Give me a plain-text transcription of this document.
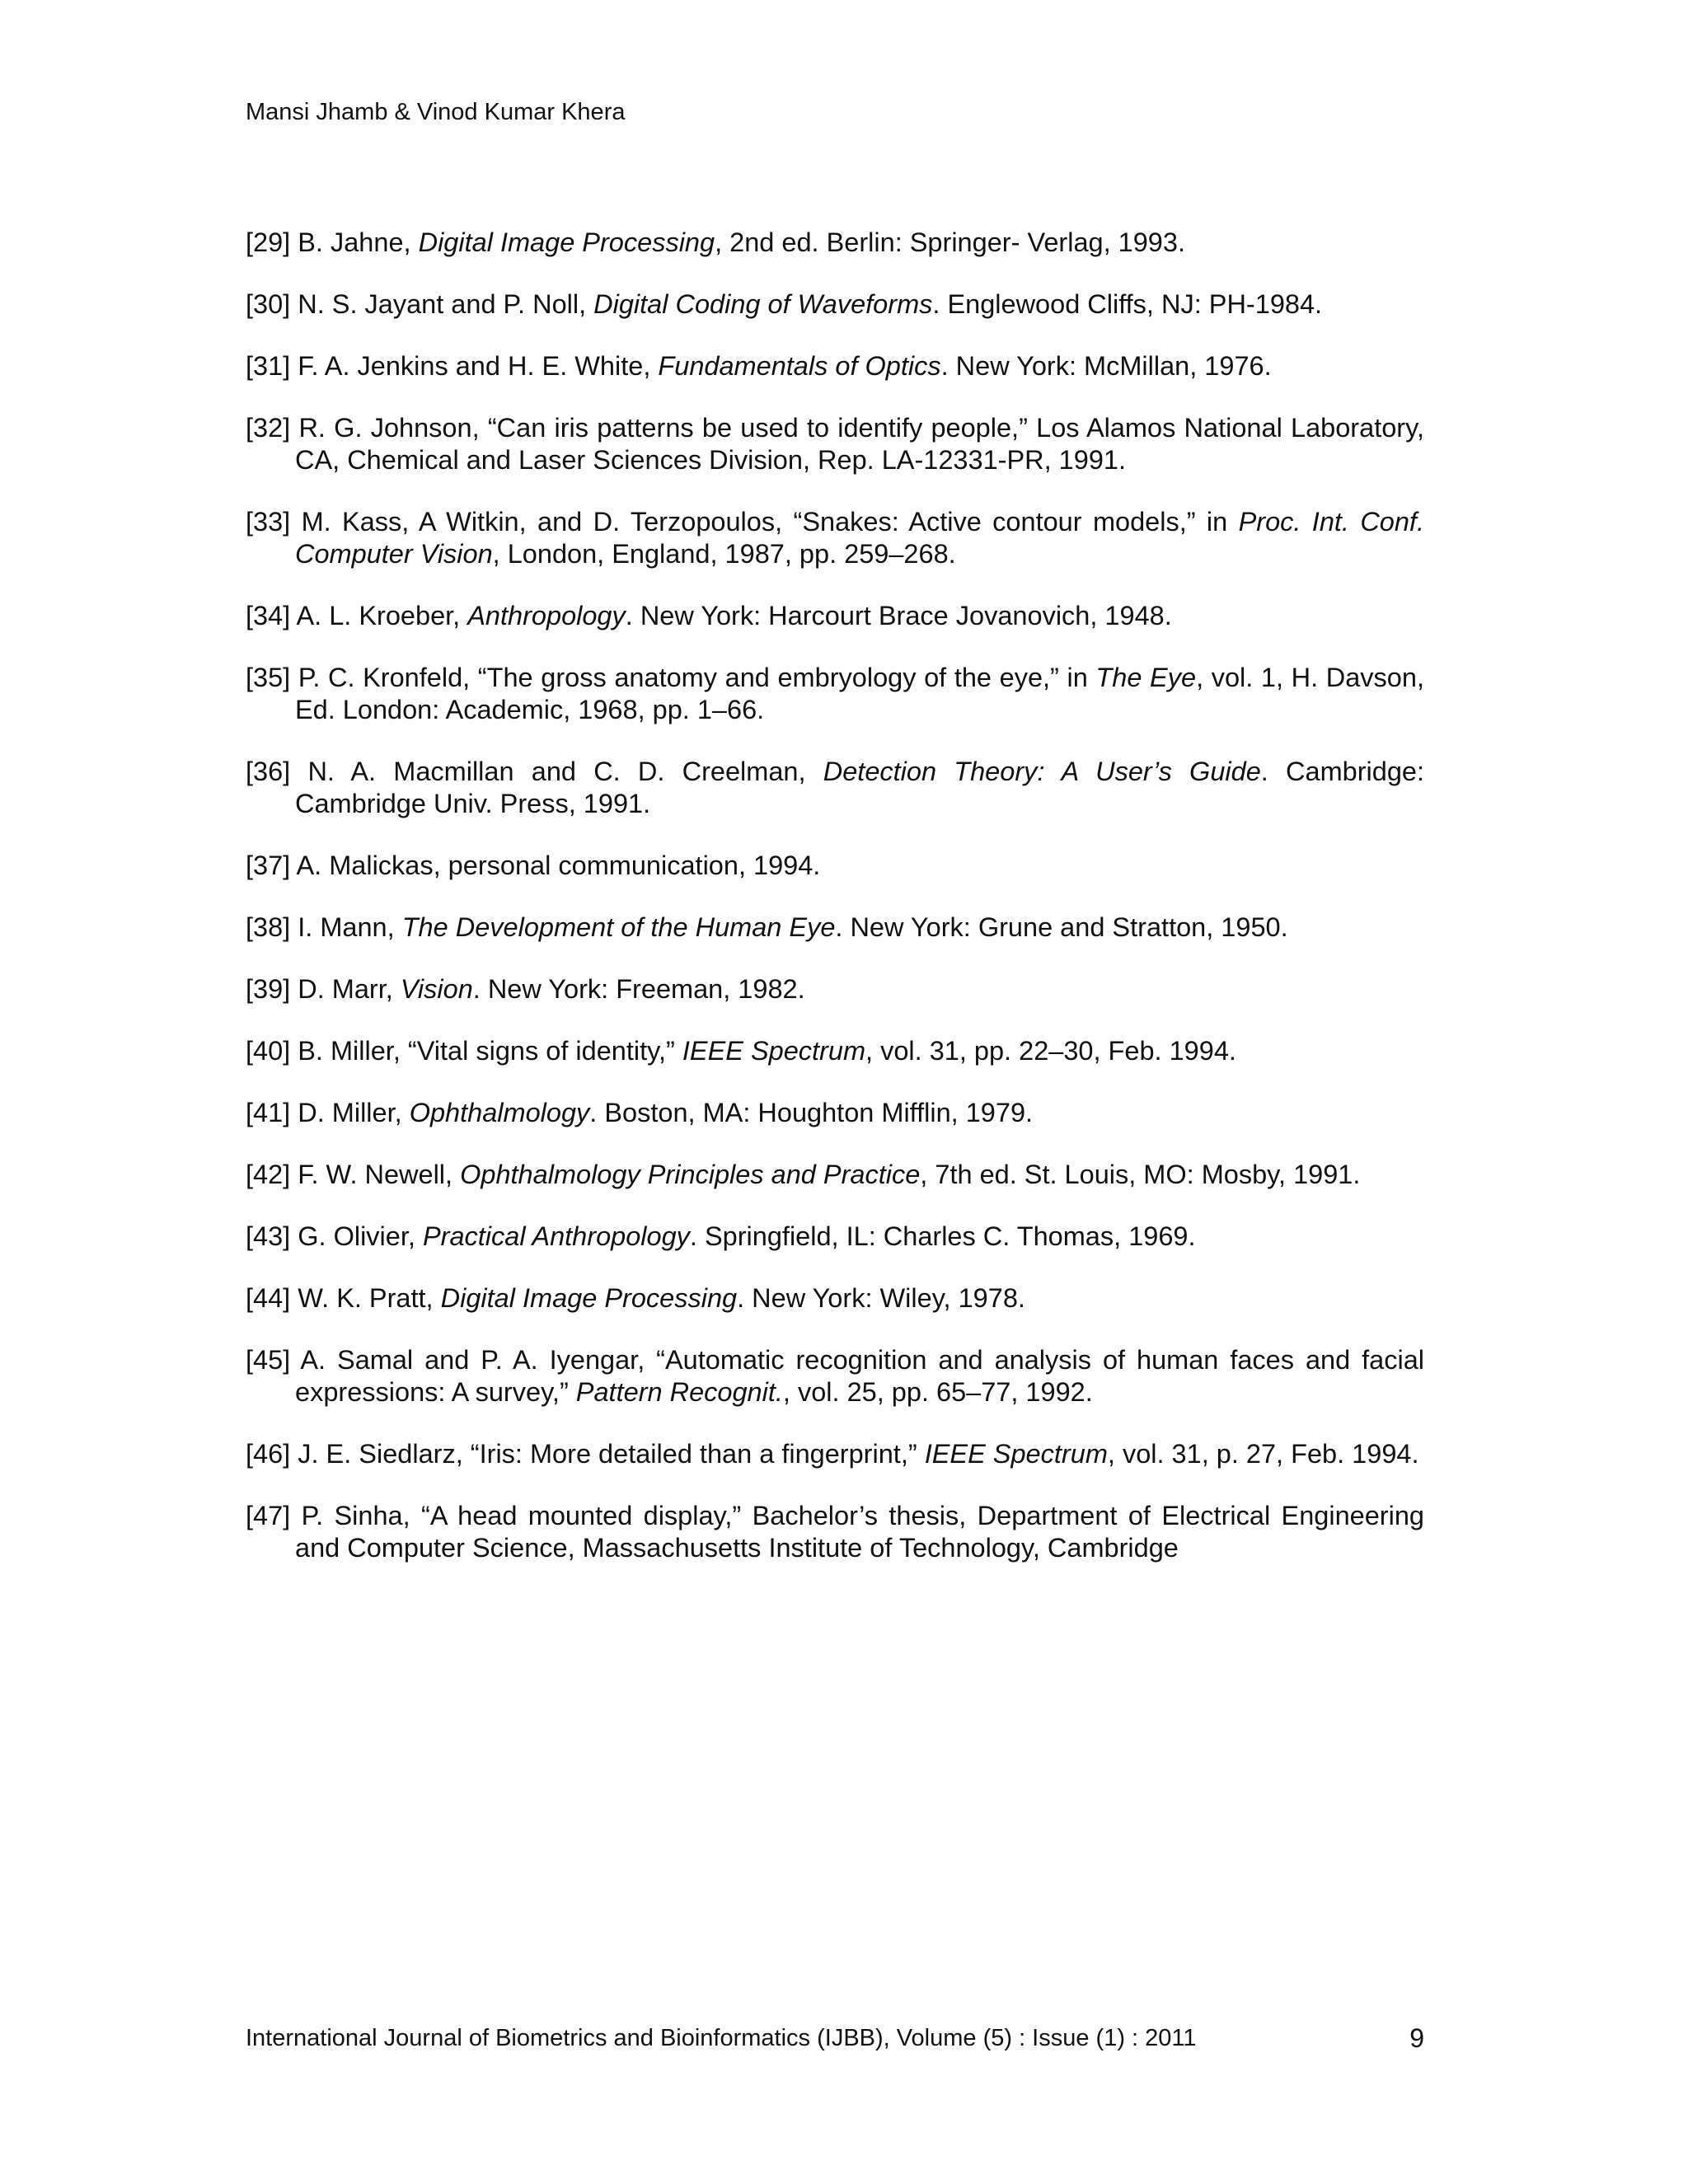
Mansi Jhamb & Vinod Kumar Khera

[29] B. Jahne, Digital Image Processing, 2nd ed. Berlin: Springer- Verlag, 1993.

[30] N. S. Jayant and P. Noll, Digital Coding of Waveforms. Englewood Cliffs, NJ: PH-1984.

[31] F. A. Jenkins and H. E. White, Fundamentals of Optics. New York: McMillan, 1976.

[32] R. G. Johnson, “Can iris patterns be used to identify people,” Los Alamos National Laboratory, CA, Chemical and Laser Sciences Division, Rep. LA-12331-PR, 1991.

[33] M. Kass, A Witkin, and D. Terzopoulos, “Snakes: Active contour models,” in Proc. Int. Conf. Computer Vision, London, England, 1987, pp. 259–268.

[34] A. L. Kroeber, Anthropology. New York: Harcourt Brace Jovanovich, 1948.

[35] P. C. Kronfeld, “The gross anatomy and embryology of the eye,” in The Eye, vol. 1, H. Davson, Ed. London: Academic, 1968, pp. 1–66.

[36] N. A. Macmillan and C. D. Creelman, Detection Theory: A User’s Guide. Cambridge: Cambridge Univ. Press, 1991.

[37] A. Malickas, personal communication, 1994.

[38] I. Mann, The Development of the Human Eye. New York: Grune and Stratton, 1950.

[39] D. Marr, Vision. New York: Freeman, 1982.

[40] B. Miller, “Vital signs of identity,” IEEE Spectrum, vol. 31, pp. 22–30, Feb. 1994.

[41] D. Miller, Ophthalmology. Boston, MA: Houghton Mifflin, 1979.

[42] F. W. Newell, Ophthalmology Principles and Practice, 7th ed. St. Louis, MO: Mosby, 1991.

[43] G. Olivier, Practical Anthropology. Springfield, IL: Charles C. Thomas, 1969.

[44] W. K. Pratt, Digital Image Processing. New York: Wiley, 1978.

[45] A. Samal and P. A. Iyengar, “Automatic recognition and analysis of human faces and facial expressions: A survey,” Pattern Recognit., vol. 25, pp. 65–77, 1992.

[46] J. E. Siedlarz, “Iris: More detailed than a fingerprint,” IEEE Spectrum, vol. 31, p. 27, Feb. 1994.

[47] P. Sinha, “A head mounted display,” Bachelor’s thesis, Department of Electrical Engineering and Computer Science, Massachusetts Institute of Technology, Cambridge

International Journal of Biometrics and Bioinformatics (IJBB), Volume (5) : Issue (1) : 2011	9
